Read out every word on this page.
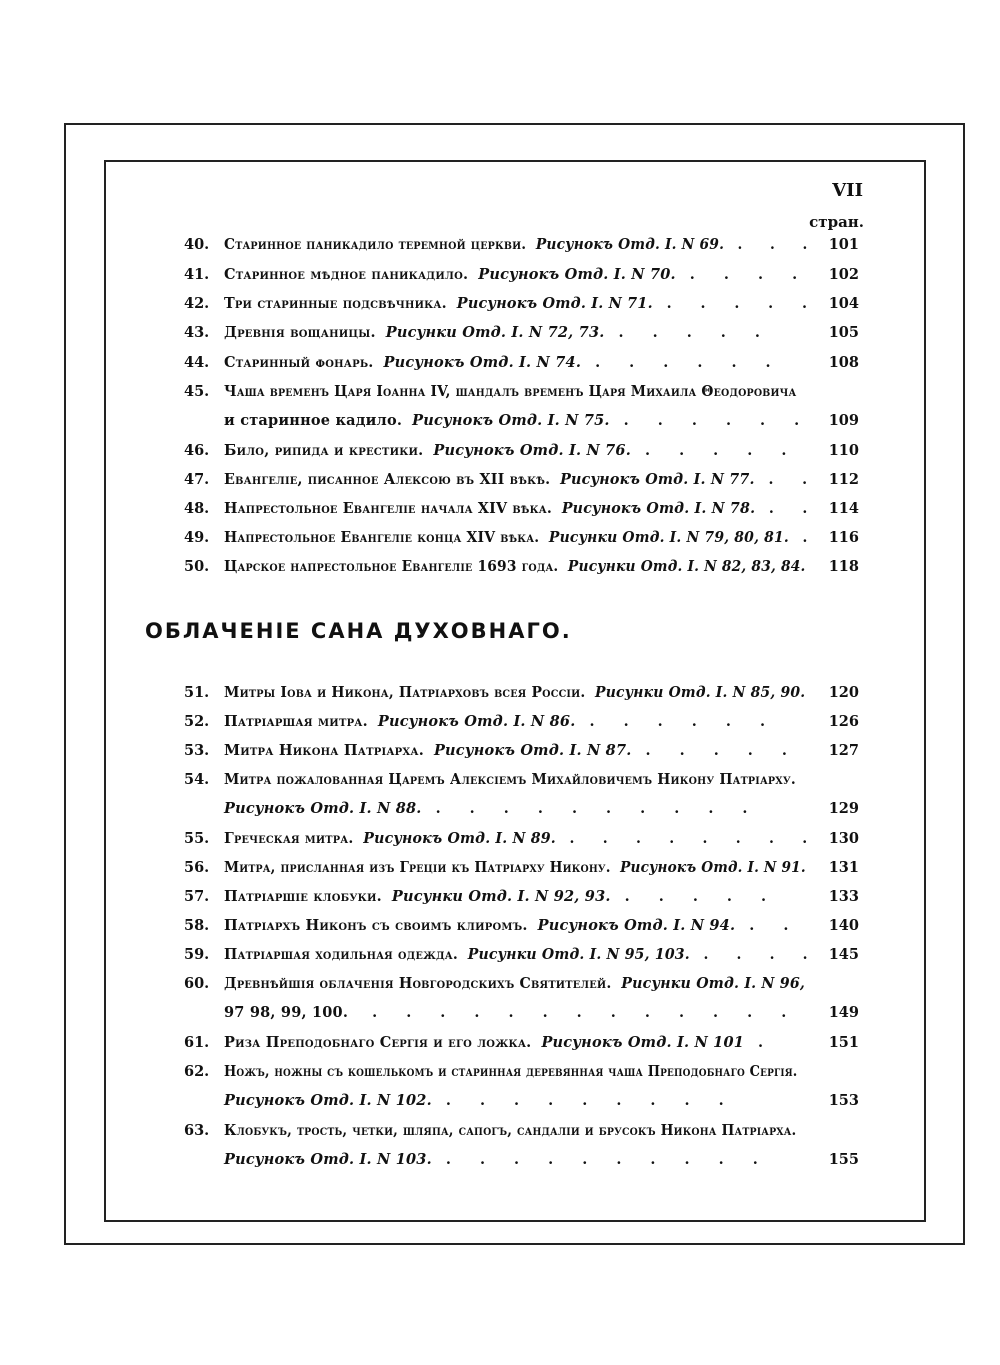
VII
стран.
ОБЛАЧЕНІЕ САНА ДУХОВНАГО.
40. Старинное паникадило теремной церкви. Рисунокъ Отд. I. N 69. . . . 101
41. Старинное мѣдное паникадило. Рисунокъ Отд. I. N 70. . . . . 102
42. Три старинные подсвѣчника. Рисунокъ Отд. I. N 71. . . . . . 104
43. Древнія вощаницы. Рисунки Отд. I. N 72, 73. . . . . .	105
44. Старинный фонарь. Рисунокъ Отд. I. N 74. . . . . . .	108
45. Чаша временъ Царя Іоанна IV, шандалъ временъ Царя Михаила Θеодоровича
и старинное кадило. Рисунокъ Отд. I. N 75. . . . . . . 109
46. Било, рипида и крестики. Рисунокъ Отд. I. N 76. . . . . . 110
47. Евангеліе, писанное Алексою въ XII вѣкѣ. Рисунокъ Отд. I. N 77. . . 112
48. Напрестольное Евангеліе начала XIV вѣка. Рисунокъ Отд. I. N 78. . . 114
49. Напрестольное Евангеліе конца XIV вѣка. Рисунки Отд. I. N 79, 80, 81. . 116
50. Царское напрестольное Евангеліе 1693 года. Рисунки Отд. I. N 82, 83, 84.	118
51. Митры Іова и Никона, Патріарховъ всея Россіи. Рисунки Отд. I. N 85, 90.	120
52. Патріаршая митра. Рисунокъ Отд. I. N 86. . . . . . .	126
53. Митра Никона Патріарха. Рисунокъ Отд. I. N 87. . . . . . 127
54. Митра пожалованная Царемъ Алексіемъ Михайловичемъ Никону Патріарху.
Рисунокъ Отд. I. N 88. . . . . . . . . . .	129
55. Греческая митра. Рисунокъ Отд. I. N 89. . . . . . . . . 130
56. Митра, присланная изъ Греціи къ Патріарху Никону. Рисунокъ Отд. I. N 91.	131
57. Патріаршіе клобуки. Рисунки Отд. I. N 92, 93. . . . . .	133
58. Патріархъ Никонъ съ своимъ клиромъ. Рисунокъ Отд. I. N 94. . . 140
59. Патріаршая ходильная одежда. Рисунки Отд. I. N 95, 103. . . . . 145
60. Древнѣйшія облаченія Новгородскихъ Святителей. Рисунки Отд. I. N 96,
97 98, 99, 100. . . . . . . . . . . . . . 149
61. Риза Преподобнаго Сергія и его ложка. Рисунокъ Отд. I. N 101 .	151
62. Ножъ, ножны съ кошелькомъ и старинная деревянная чаша Преподобнаго Сергія.
Рисунокъ Отд. I. N 102. . . . . . . . . .	153
63. Клобукъ, трость, четки, шляпа, сапогъ, сандаліи и брусокъ Никона Патріарха.
Рисунокъ Отд. I. N 103. . . . . . . . . . .	155
